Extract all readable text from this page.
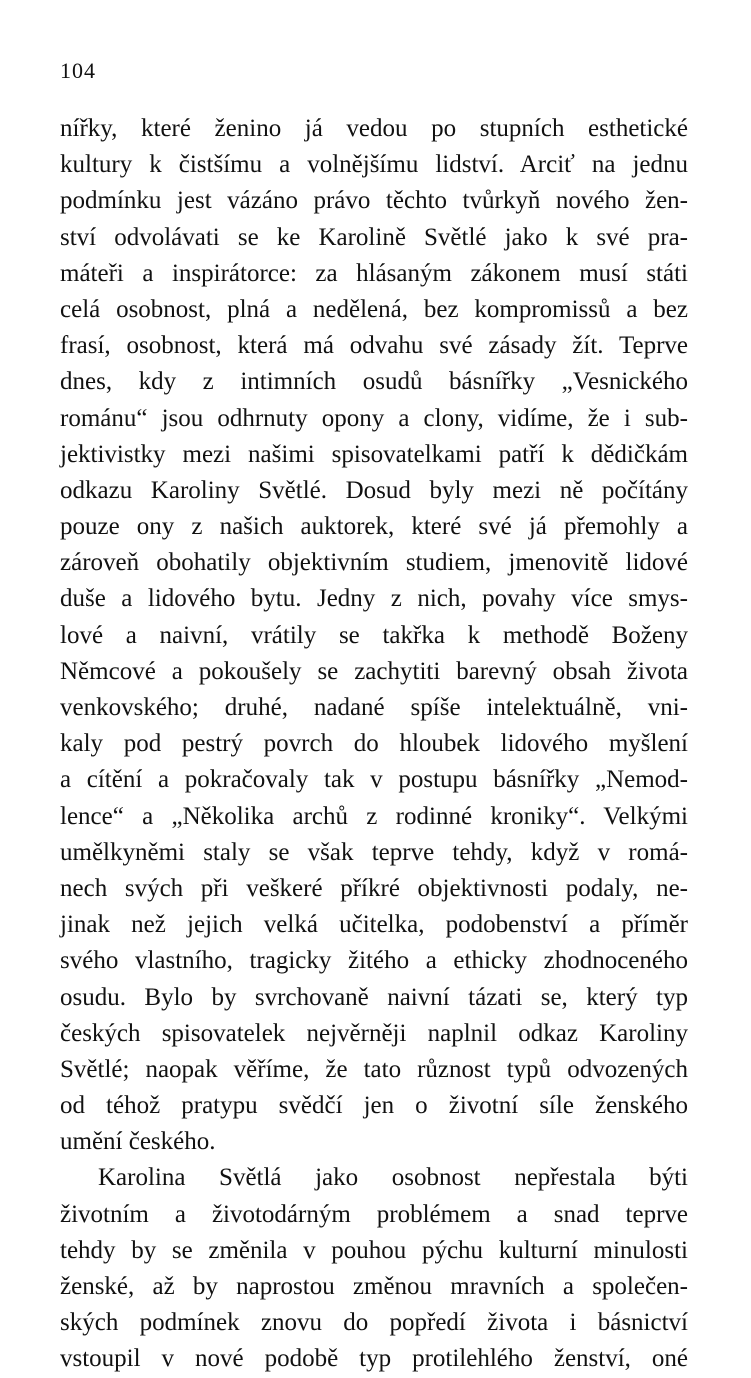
104
nířky, které ženino já vedou po stupních esthetické
kultury k čistšímu a volnějšímu lidství. Arciť na jednu
podmínku jest vázáno právo těchto tvůrkyň nového žen-
ství odvolávati se ke Karolině Světlé jako k své pra-
máteři a inspirátorce: za hlásaným zákonem musí státi
celá osobnost, plná a nedělená, bez kompromissů a bez
frasí, osobnost, která má odvahu své zásady žít. Teprve
dnes, kdy z intimních osudů básnířky „Vesnického
románu“ jsou odhrnuty opony a clony, vidíme, že i sub-
jektivistky mezi našimi spisovatelkami patří k dědičkám
odkazu Karoliny Světlé. Dosud byly mezi ně počítány
pouze ony z našich auktorek, které své já přemohly a
zároveň obohatily objektivním studiem, jmenovitě lidové
duše a lidového bytu. Jedny z nich, povahy více smys-
lové a naivní, vrátily se takřka k methodě Boženy
Němcové a pokoušely se zachytiti barevný obsah života
venkovského; druhé, nadané spíše intelektuálně, vni-
kaly pod pestrý povrch do hloubek lidového myšlení
a cítění a pokračovaly tak v postupu básnířky „Nemod-
lence“ a „Několika archů z rodinné kroniky“. Velkými
umělkyněmi staly se však teprve tehdy, když v romá-
nech svých při veškeré příkré objektivnosti podaly, ne-
jinak než jejich velká učitelka, podobenství a příměr
svého vlastního, tragicky žitého a ethicky zhodnoceného
osudu. Bylo by svrchovaně naivní tázati se, který typ
českých spisovatelek nejvěrněji naplnil odkaz Karoliny
Světlé; naopak věříme, že tato různost typů odvozených
od téhož pratypu svědčí jen o životní síle ženského
umění českého.
Karolina Světlá jako osobnost nepřestala býti
životním a životodárným problémem a snad teprve
tehdy by se změnila v pouhou pýchu kulturní minulosti
ženské, až by naprostou změnou mravních a společen-
ských podmínek znovu do popředí života i básnictví
vstoupil v nové podobě typ protilehlého ženství, oné
